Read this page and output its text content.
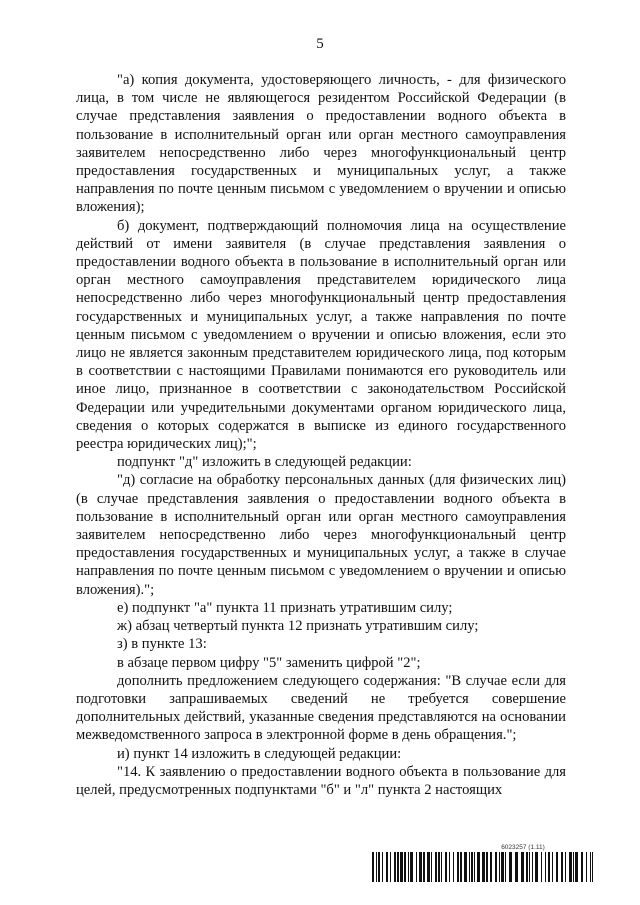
5

"а) копия документа, удостоверяющего личность, - для физического лица, в том числе не являющегося резидентом Российской Федерации (в случае представления заявления о предоставлении водного объекта в пользование в исполнительный орган или орган местного самоуправления заявителем непосредственно либо через многофункциональный центр предоставления государственных и муниципальных услуг, а также направления по почте ценным письмом с уведомлением о вручении и описью вложения);

б) документ, подтверждающий полномочия лица на осуществление действий от имени заявителя (в случае представления заявления о предоставлении водного объекта в пользование в исполнительный орган или орган местного самоуправления представителем юридического лица непосредственно либо через многофункциональный центр предоставления государственных и муниципальных услуг, а также направления по почте ценным письмом с уведомлением о вручении и описью вложения, если это лицо не является законным представителем юридического лица, под которым в соответствии с настоящими Правилами понимаются его руководитель или иное лицо, признанное в соответствии с законодательством Российской Федерации или учредительными документами органом юридического лица, сведения о которых содержатся в выписке из единого государственного реестра юридических лиц);";

подпункт "д" изложить в следующей редакции:

"д) согласие на обработку персональных данных (для физических лиц) (в случае представления заявления о предоставлении водного объекта в пользование в исполнительный орган или орган местного самоуправления заявителем непосредственно либо через многофункциональный центр предоставления государственных и муниципальных услуг, а также в случае направления по почте ценным письмом с уведомлением о вручении и описью вложения).";

е) подпункт "а" пункта 11 признать утратившим силу;

ж) абзац четвертый пункта 12 признать утратившим силу;

з) в пункте 13:

в абзаце первом цифру "5" заменить цифрой "2";

дополнить предложением следующего содержания: "В случае если для подготовки запрашиваемых сведений не требуется совершение дополнительных действий, указанные сведения представляются на основании межведомственного запроса в электронной форме в день обращения.";

и) пункт 14 изложить в следующей редакции:

"14. К заявлению о предоставлении водного объекта в пользование для целей, предусмотренных подпунктами "б" и "л" пункта 2 настоящих

6023257 (1.11)
